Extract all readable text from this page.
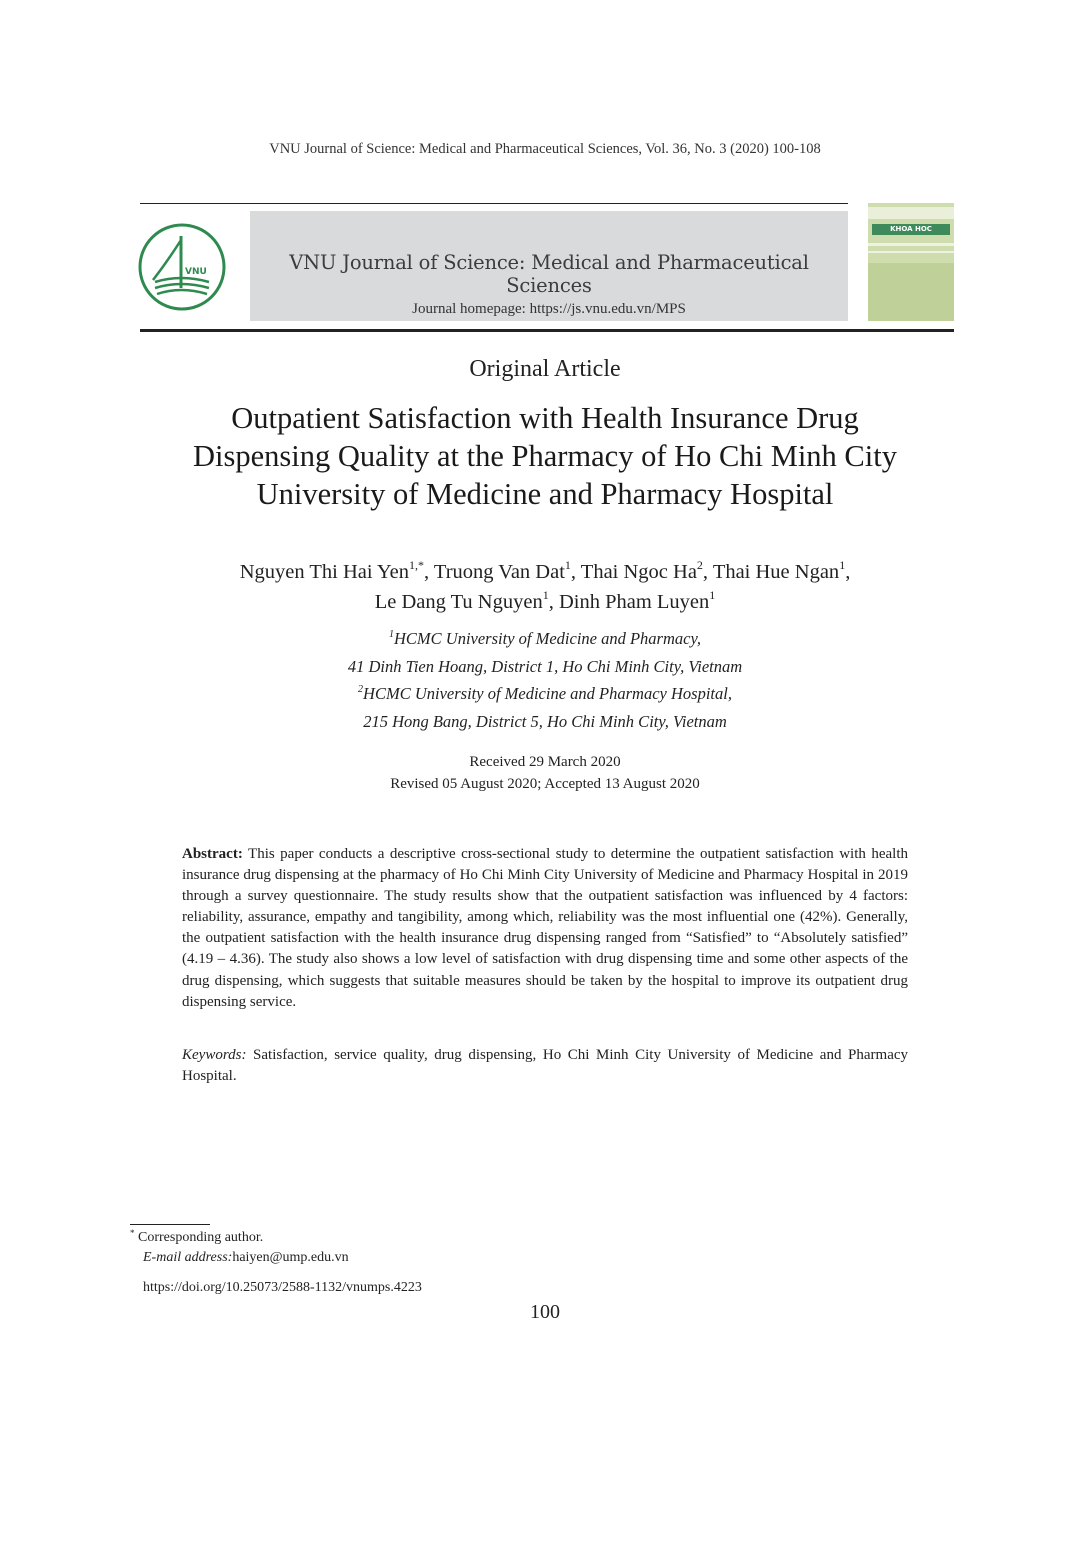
VNU Journal of Science: Medical and Pharmaceutical Sciences, Vol. 36, No. 3 (2020) 100-108
VNU	VNU Journal of Science: Medical and Pharmaceutical Sciences
Journal homepage: https://js.vnu.edu.vn/MPS
KHOA HOC
Original Article
Outpatient Satisfaction with Health Insurance Drug
Dispensing Quality at the Pharmacy of Ho Chi Minh City
University of Medicine and Pharmacy Hospital
Nguyen Thi Hai Yen$^{1,*}$, Truong Van Dat$^1$, Thai Ngoc Ha$^2$, Thai Hue Ngan$^1$,
Le Dang Tu Nguyen$^1$, Dinh Pham Luyen$^1$
$^1$HCMC University of Medicine and Pharmacy,
41 Dinh Tien Hoang, District 1, Ho Chi Minh City, Vietnam
$^2$HCMC University of Medicine and Pharmacy Hospital,
215 Hong Bang, District 5, Ho Chi Minh City, Vietnam
Received 29 March 2020
Revised 05 August 2020; Accepted 13 August 2020
Abstract: This paper conducts a descriptive cross-sectional study to determine the outpatient satisfaction with health insurance drug dispensing at the pharmacy of Ho Chi Minh City University of Medicine and Pharmacy Hospital in 2019 through a survey questionnaire. The study results show that the outpatient satisfaction was influenced by 4 factors: reliability, assurance, empathy and tangibility, among which, reliability was the most influential one (42%). Generally, the outpatient satisfaction with the health insurance drug dispensing ranged from “Satisfied” to “Absolutely satisfied” (4.19 – 4.36). The study also shows a low level of satisfaction with drug dispensing time and some other aspects of the drug dispensing, which suggests that suitable measures should be taken by the hospital to improve its outpatient drug dispensing service.
Keywords: Satisfaction, service quality, drug dispensing, Ho Chi Minh City University of Medicine and Pharmacy Hospital.
* Corresponding author.
E-mail address:haiyen@ump.edu.vn
https://doi.org/10.25073/2588-1132/vnumps.4223
100
